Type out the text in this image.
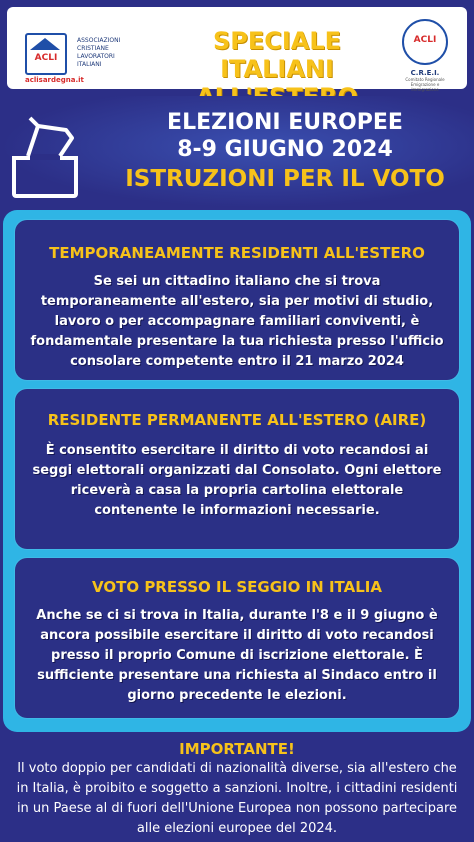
ACLI
ASSOCIAZIONI
CRISTIANE
LAVORATORI
ITALIANI
aclisardegna.it
SPECIALE ITALIANI
ACLI
C.R.E.I.
Comitato Regionale Emigrazione e Immigrazione
ELEZIONI EUROPEE
8-9 GIUGNO 2024
ISTRUZIONI PER IL VOTO
TEMPORANEAMENTE RESIDENTI ALL'ESTERO

Se sei un cittadino italiano che si trova temporaneamente all'estero, sia per motivi di studio, lavoro o per accompagnare familiari conviventi, è fondamentale presentare la tua richiesta presso l'ufficio consolare competente entro il 21 marzo 2024

RESIDENTE PERMANENTE ALL'ESTERO (AIRE)

È consentito esercitare il diritto di voto recandosi ai seggi elettorali organizzati dal Consolato. Ogni elettore riceverà a casa la propria cartolina elettorale contenente le informazioni necessarie.

VOTO PRESSO IL SEGGIO IN ITALIA

Anche se ci si trova in Italia, durante l'8 e il 9 giugno è ancora possibile esercitare il diritto di voto recandosi presso il proprio Comune di iscrizione elettorale. È sufficiente presentare una richiesta al Sindaco entro il giorno precedente le elezioni.

IMPORTANTE!
Il voto doppio per candidati di nazionalità diverse, sia all'estero che in Italia, è proibito e soggetto a sanzioni. Inoltre, i cittadini residenti in un Paese al di fuori dell'Unione Europea non possono partecipare alle elezioni europee del 2024.
